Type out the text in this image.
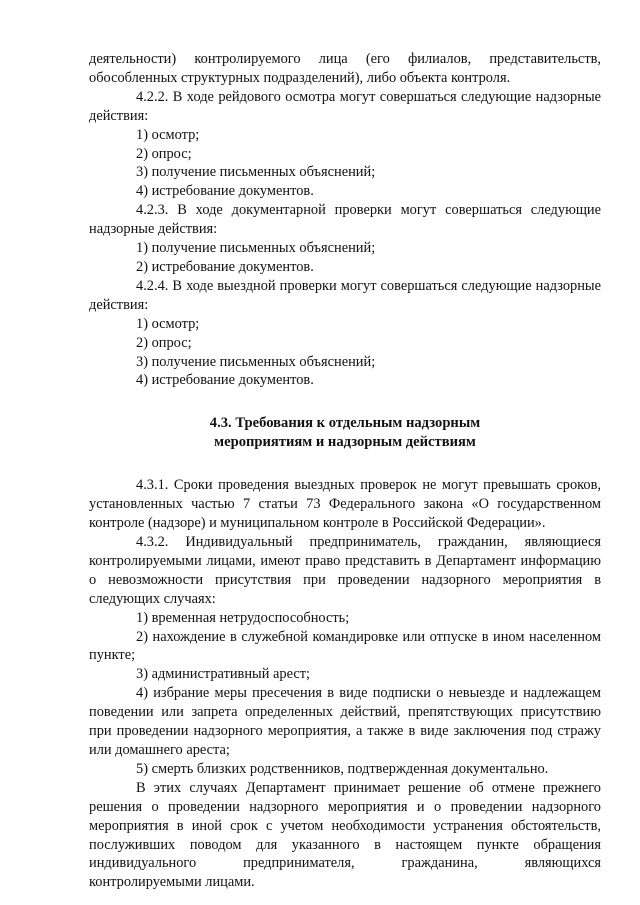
деятельности) контролируемого лица (его филиалов, представительств, обособленных структурных подразделений), либо объекта контроля.

4.2.2. В ходе рейдового осмотра могут совершаться следующие надзорные действия:

1) осмотр;

2) опрос;

3) получение письменных объяснений;

4) истребование документов.

4.2.3. В ходе документарной проверки могут совершаться следующие надзорные действия:

1) получение письменных объяснений;

2) истребование документов.

4.2.4. В ходе выездной проверки могут совершаться следующие надзорные действия:

1) осмотр;

2) опрос;

3) получение письменных объяснений;

4) истребование документов.

4.3. Требования к отдельным надзорным
мероприятиям и надзорным действиям

4.3.1. Сроки проведения выездных проверок не могут превышать сроков, установленных частью 7 статьи 73 Федерального закона «О государственном контроле (надзоре) и муниципальном контроле в Российской Федерации».

4.3.2. Индивидуальный предприниматель, гражданин, являющиеся контролируемыми лицами, имеют право представить в Департамент информацию о невозможности присутствия при проведении надзорного мероприятия в следующих случаях:

1) временная нетрудоспособность;

2) нахождение в служебной командировке или отпуске в ином населенном пункте;

3) административный арест;

4) избрание меры пресечения в виде подписки о невыезде и надлежащем поведении или запрета определенных действий, препятствующих присутствию при проведении надзорного мероприятия, а также в виде заключения под стражу или домашнего ареста;

5) смерть близких родственников, подтвержденная документально.

В этих случаях Департамент принимает решение об отмене прежнего решения о проведении надзорного мероприятия и о проведении надзорного мероприятия в иной срок с учетом необходимости устранения обстоятельств, послуживших поводом для указанного в настоящем пункте обращения индивидуального предпринимателя, гражданина, являющихся

контролируемыми лицами.
